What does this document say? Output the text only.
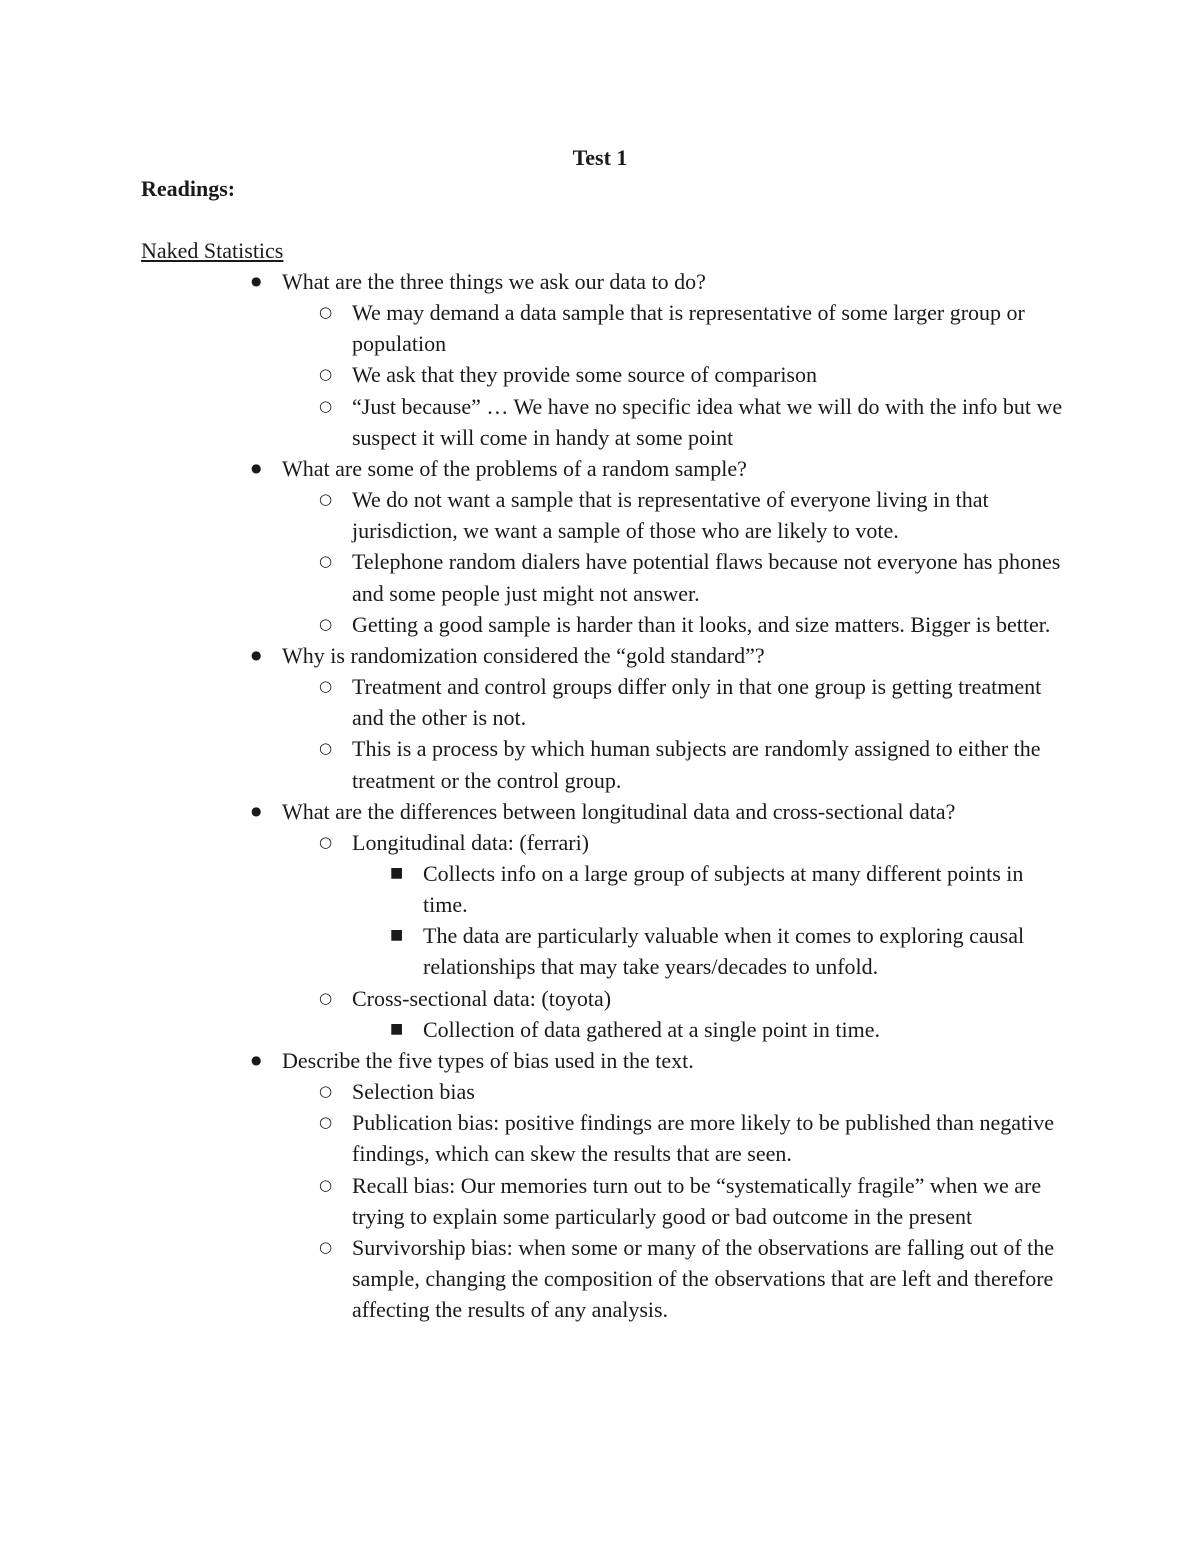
Test 1
Readings:
Naked Statistics
● What are the three things we ask our data to do?
○ We may demand a data sample that is representative of some larger group or population
○ We ask that they provide some source of comparison
○ “Just because” … We have no specific idea what we will do with the info but we suspect it will come in handy at some point
● What are some of the problems of a random sample?
○ We do not want a sample that is representative of everyone living in that jurisdiction, we want a sample of those who are likely to vote.
○ Telephone random dialers have potential flaws because not everyone has phones and some people just might not answer.
○ Getting a good sample is harder than it looks, and size matters. Bigger is better.
● Why is randomization considered the “gold standard”?
○ Treatment and control groups differ only in that one group is getting treatment and the other is not.
○ This is a process by which human subjects are randomly assigned to either the treatment or the control group.
● What are the differences between longitudinal data and cross-sectional data?
○ Longitudinal data: (ferrari)
■ Collects info on a large group of subjects at many different points in time.
■ The data are particularly valuable when it comes to exploring causal relationships that may take years/decades to unfold.
○ Cross-sectional data: (toyota)
■ Collection of data gathered at a single point in time.
● Describe the five types of bias used in the text.
○ Selection bias
○ Publication bias: positive findings are more likely to be published than negative findings, which can skew the results that are seen.
○ Recall bias: Our memories turn out to be “systematically fragile” when we are trying to explain some particularly good or bad outcome in the present
○ Survivorship bias: when some or many of the observations are falling out of the sample, changing the composition of the observations that are left and therefore affecting the results of any analysis.
